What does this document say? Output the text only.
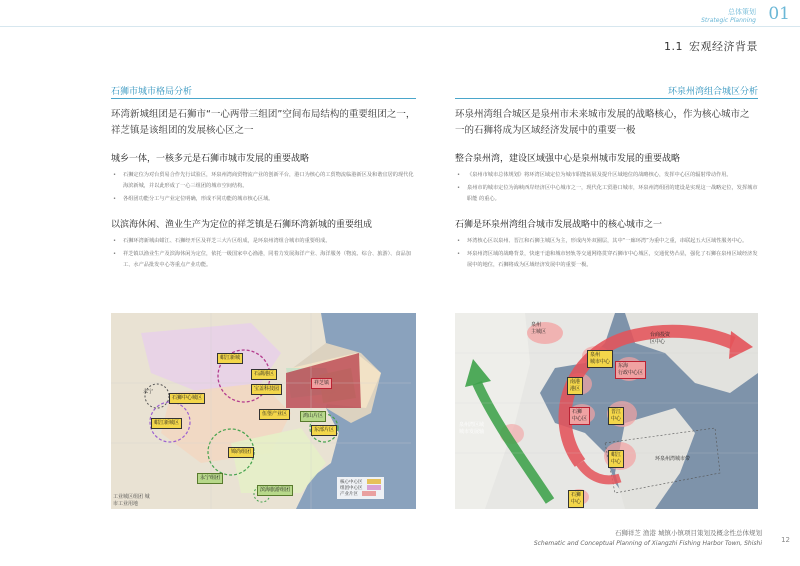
总体策划
Strategic Planning 01
1.1 宏观经济背景
石狮市城市格局分析	环泉州湾组合城区分析
环湾新城组团是石狮市“一心两带三组团”空间布局结构的重要组团之一，祥芝镇是该组团的发展核心区之一
城乡一体，一核多元是石狮市城市发展的重要战略
• 石狮定位为对台贸易合作先行试验区，环泉州湾商贸物流产业的创新平台，港口为核心的工贸物流临港新区及和谐宜居的现代化海滨新城，并以此形成了一心三组团的城市空间结构。
• 各组团功能分工与产业定位明确，形成不同功能的城市核心区域。
以滨海休闲、渔业生产为定位的祥芝镇是石狮环湾新城的重要组成
• 石狮环湾新城由蚶江、石狮经开区及祥芝三大片区组成，是环泉州湾组合城市的重要组成。
• 祥芝镇以渔业生产及滨海休闲为定位，依托一级国家中心渔港，同着力发展海洋产业、海洋服务（物流、综合、旅游）、食品加工、水产品批发中心等重点产业功能。
环泉州湾组合城区是泉州市未来城市发展的战略核心，作为核心城市之一的石狮将成为区域经济发展中的重要一极
整合泉州湾，建设区域强中心是泉州城市发展的重要战略
• 《泉州市城市总体规划》将环湾区域定位为城市职能拓展及提升区域地位的战略核心，发挥中心区的辐射带动作用。
• 泉州市的城市定位为海峡西岸经济区中心城市之一，现代化工贸港口城市，环泉州湾组团的建设是实现这一战略定位，发挥城市职能 的重心。
石狮是环泉州湾组合城市发展战略中的核心城市之一
• 环湾核心区以泉州、晋江和石狮主城区为主，形成内外双圈层，其中“一廊环湾”为重中之重，串联起五大区域性服务中心。
• 环泉州湾区域的战略背景，快速干道和城市轻轨等交通网络贯穿石狮市中心城区，交通优势凸显，强化了石狮在泉州区域经济发展中的地位，石狮将成为区域经济发展中的重要一极。
蚶江新城
石湖港区
宝盖科技园
石狮中心城区
祥芝镇
蚶江新城区
伍堡产业区
锦尚组团
永宁组团
鸿山片区
东部片区
滨海旅游组团
永宁
核心中心区
组团中心区
产业片区
工业城区组团 城
市工业用地
泉州
主城区
东海
行政中心区
台商投资
区中心
南港
港区
石狮
中心区
泉州
城市中心
晋江
中心
蚶江
中心
石狮
中心
环泉州湾城市带
泉州湾区域
城市发展轴
石狮祥芝 渔港 城镇小镇项目策划及概念性总体规划
Schematic and Conceptual Planning of Xiangzhi Fishing Harbor Town, Shishi	12
